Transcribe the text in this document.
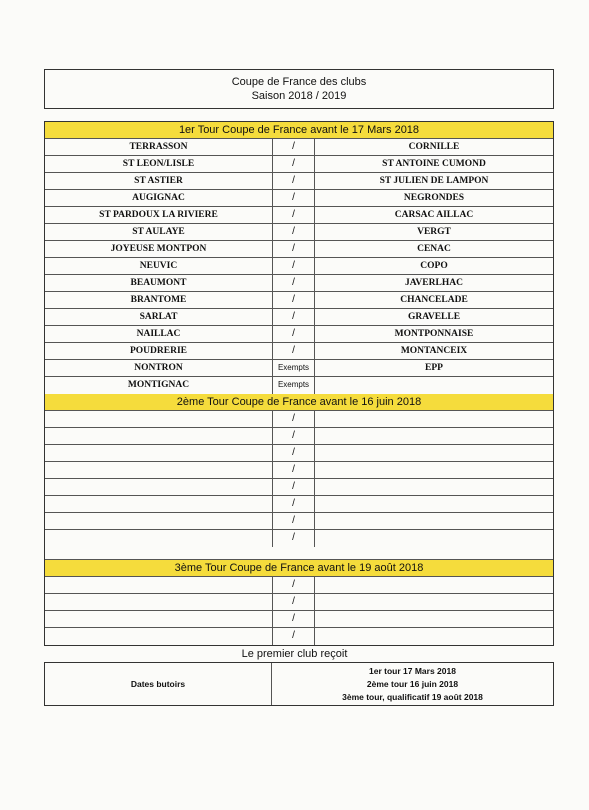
Coupe de France des clubs
Saison 2018 / 2019
1er Tour Coupe de France avant le 17 Mars 2018
TERRASSON	/	CORNILLE
ST LEON/LISLE	/	ST ANTOINE CUMOND
ST ASTIER	/	ST JULIEN DE LAMPON
AUGIGNAC	/	NEGRONDES
ST PARDOUX LA RIVIERE	/	CARSAC AILLAC
ST AULAYE	/	VERGT
JOYEUSE MONTPON	/	CENAC
NEUVIC	/	COPO
BEAUMONT	/	JAVERLHAC
BRANTOME	/	CHANCELADE
SARLAT	/	GRAVELLE
NAILLAC	/	MONTPONNAISE
POUDRERIE	/	MONTANCEIX
NONTRON	Exempts	EPP
MONTIGNAC	Exempts
2ème Tour Coupe de France avant le 16 juin 2018
/
/
/
/
/
/
/
/
3ème Tour Coupe de France avant le 19 août 2018
/
/
/
/
Le premier club reçoit
Dates butoirs
1er tour 17 Mars 2018
2ème tour 16 juin 2018
3ème tour, qualificatif 19 août 2018
